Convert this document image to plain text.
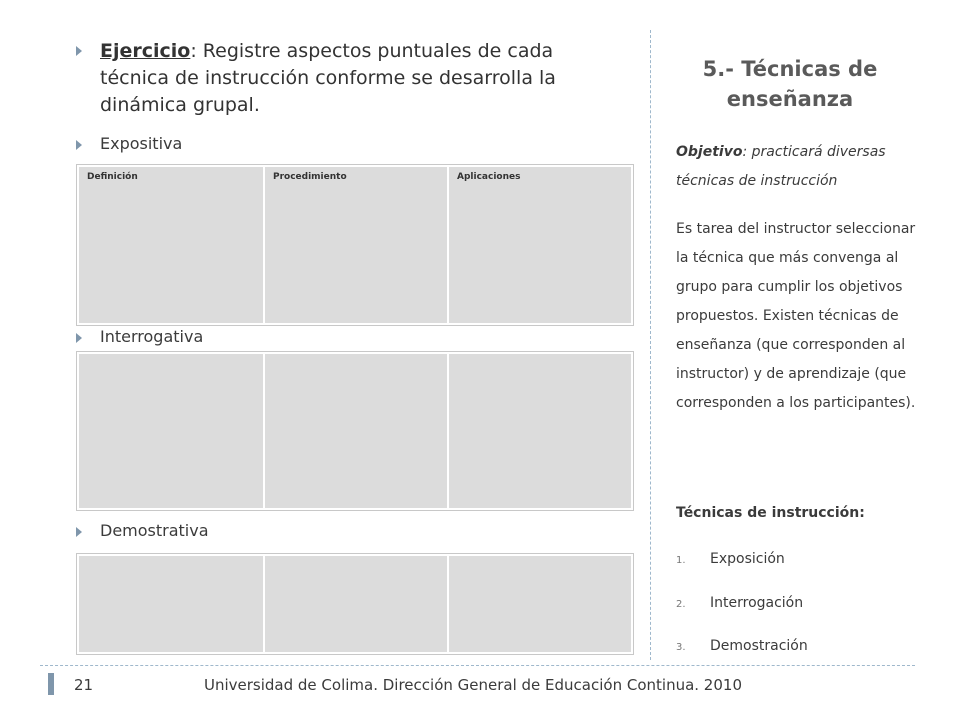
Ejercicio: Registre aspectos puntuales de cada técnica de instrucción conforme se desarrolla la dinámica grupal.
Expositiva
Definición	Procedimiento	Aplicaciones
Interrogativa

Demostrativa

5.- Técnicas de enseñanza
Objetivo: practicará diversas técnicas de instrucción
Es tarea del instructor seleccionar la técnica que más convenga al grupo para cumplir los objetivos propuestos. Existen técnicas de enseñanza (que corresponden al instructor) y de aprendizaje (que corresponden a los participantes).
Técnicas de instrucción:
1. Exposición
2. Interrogación
3. Demostración
21	Universidad de Colima. Dirección General de Educación Continua. 2010
